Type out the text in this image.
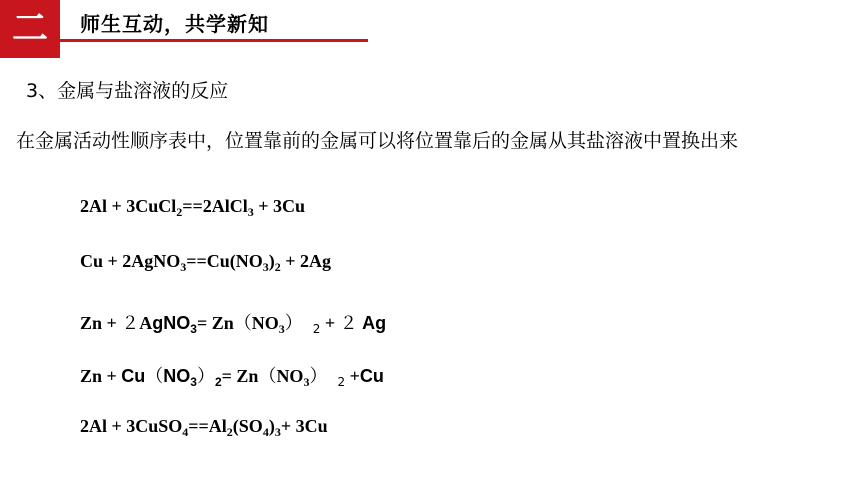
二 师生互动，共学新知
3、金属与盐溶液的反应
在金属活动性顺序表中，位置靠前的金属可以将位置靠后的金属从其盐溶液中置换出来
2Al + 3CuCl$_2$==2AlCl$_3$ + 3Cu
$Cu + 2AgNO_3==Cu(NO_3)_2 + 2Ag$
Zn + ２AgNO$_3$= $Zn(NO_3) _2 + 2$ Ag
$Zn + Cu(NO_3)_2= Zn(NO_3)$ $_2$ +Cu
$2Al + 3CuSO_4==Al_2(SO_4)_3+ 3Cu$
